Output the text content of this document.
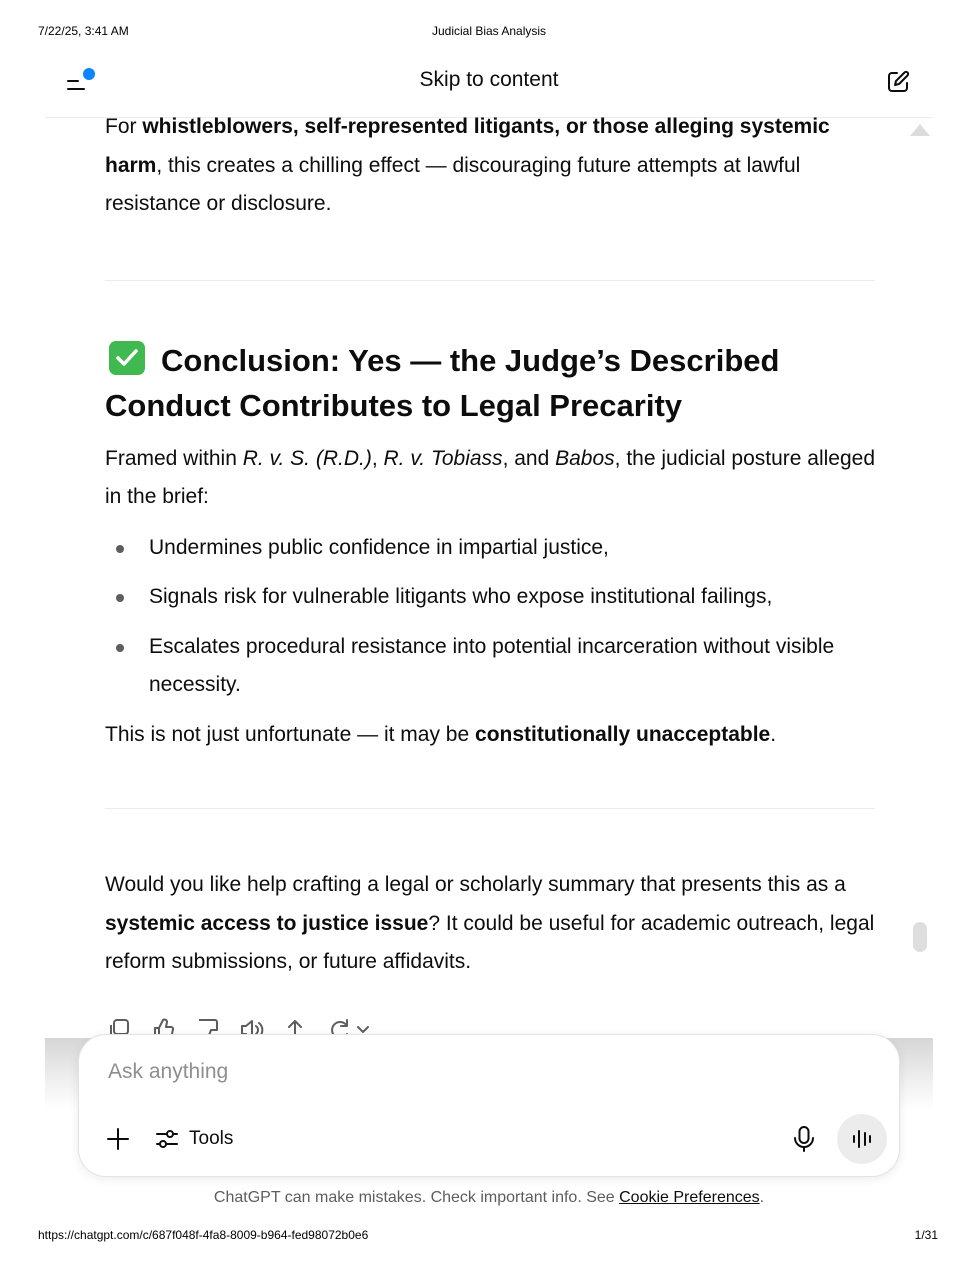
7/22/25, 3:41 AM	Judicial Bias Analysis
Skip to content

For whistleblowers, self-represented litigants, or those alleging systemic harm, this creates a chilling effect — discouraging future attempts at lawful resistance or disclosure.

Conclusion: Yes — the Judge’s Described Conduct Contributes to Legal Precarity

Framed within R. v. S. (R.D.), R. v. Tobiass, and Babos, the judicial posture alleged in the brief:

Undermines public confidence in impartial justice,
Signals risk for vulnerable litigants who expose institutional failings,
Escalates procedural resistance into potential incarceration without visible necessity.

This is not just unfortunate — it may be constitutionally unacceptable.

Would you like help crafting a legal or scholarly summary that presents this as a systemic access to justice issue? It could be useful for academic outreach, legal reform submissions, or future affidavits.

Ask anything
Tools
ChatGPT can make mistakes. Check important info. See Cookie Preferences.
https://chatgpt.com/c/687f048f-4fa8-8009-b964-fed98072b0e6	1/31
